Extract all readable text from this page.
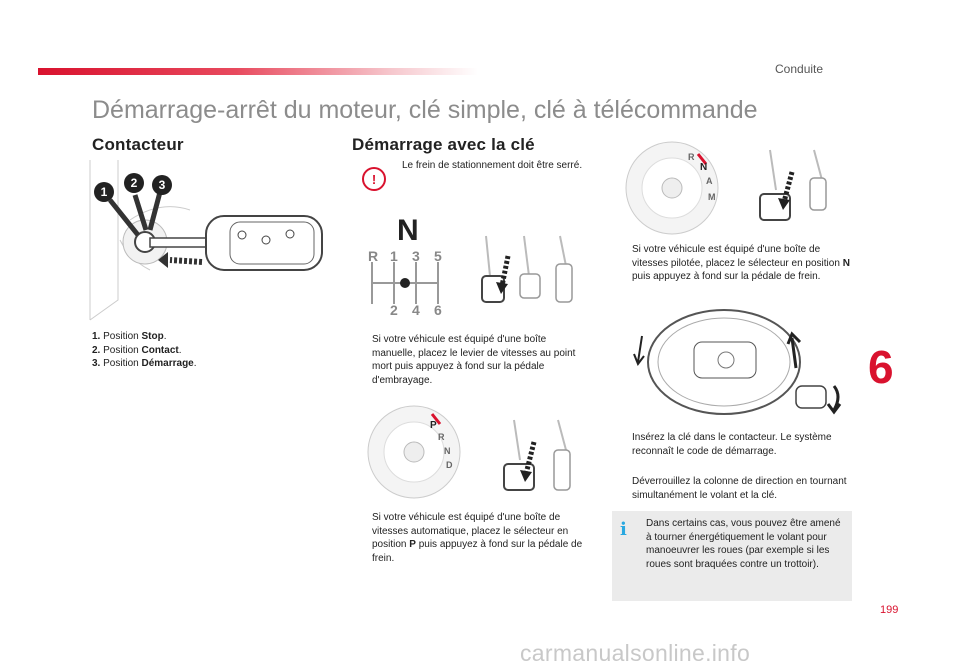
Conduite
Démarrage-arrêt du moteur, clé simple, clé à télécommande
Contacteur	Démarrage avec la clé
1
2	3
1. Position Stop.
2. Position Contact.
3. Position Démarrage.
!
Le frein de stationnement doit être serré.
N
R 1 3 5
2 4 6
Si votre véhicule est équipé d'une boîte manuelle, placez le levier de vitesses au point mort puis appuyez à fond sur la pédale d'embrayage.
P
R
N
D
Si votre véhicule est équipé d'une boîte de vitesses automatique, placez le sélecteur en position P puis appuyez à fond sur la pédale de frein.
R
N
A
M
Si votre véhicule est équipé d'une boîte de vitesses pilotée, placez le sélecteur en position N puis appuyez à fond sur la pédale de frein.
Insérez la clé dans le contacteur. Le système reconnaît le code de démarrage.
Déverrouillez la colonne de direction en tournant simultanément le volant et la clé.
i Dans certains cas, vous pouvez être amené à tourner énergétiquement le volant pour manoeuvrer les roues (par exemple si les roues sont braquées contre un trottoir).
6
199
carmanualsonline.info
